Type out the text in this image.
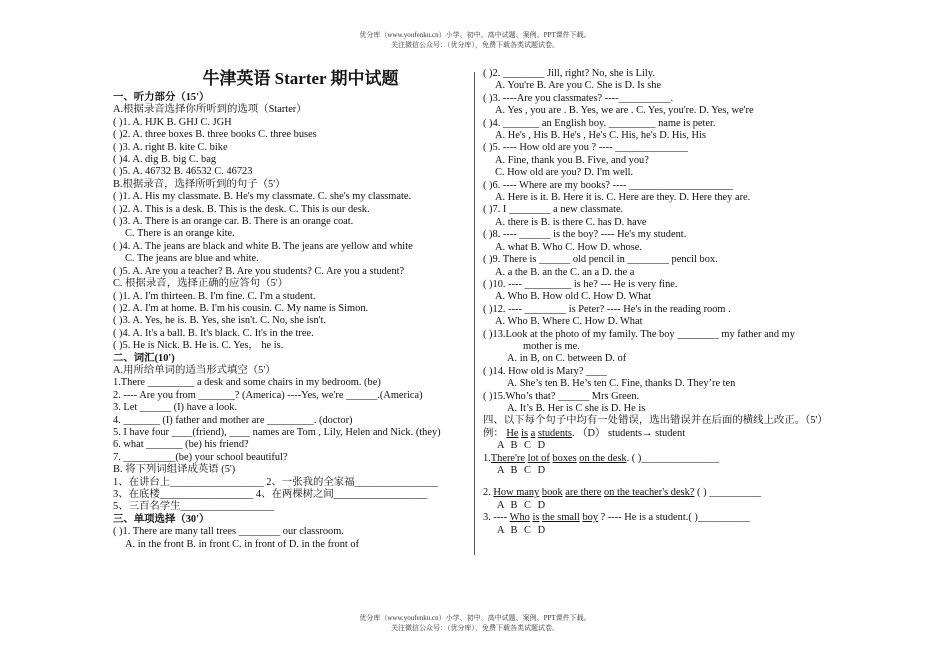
优分库（www.youfenku.cn）小学、初中、高中试题、案例、PPT课件下载。
关注微信公众号：（优分库），免费下载各类试题试卷。
牛津英语 Starter 期中试题
一、听力部分（15'）
A.根据录音选择你所听到的选项（Starter）
( )1. A. HJK B. GHJ C. JGH
( )2. A. three boxes B. three books C. three buses
( )3. A. right B. kite C. bike
( )4. A. dig B. big C. bag
( )5. A. 46732 B. 46532 C. 46723
B.根据录音，选择所听到的句子（5'）
( )1. A. His my classmate. B. He's my classmate. C. she's my classmate.
( )2. A. This is a desk. B. This is the desk. C. This is our desk.
( )3. A. There is an orange car. B. There is an orange coat.
C. There is an orange kite.
( )4. A. The jeans are black and white B. The jeans are yellow and white
C. The jeans are blue and white.
( )5. A. Are you a teacher? B. Are you students? C. Are you a student?
C. 根据录音，选择正确的应答句（5'）
( )1. A. I'm thirteen. B. I'm fine. C. I'm a student.
( )2. A. I'm at home. B. I'm his cousin. C. My name is Simon.
( )3. A. Yes, he is. B. Yes, she isn't. C. No, she isn't.
( )4. A. It's a ball. B. It's black. C. It's in the tree.
( )5. He is Nick. B. He is. C. Yes， he is.
二、词汇(10')
A.用所给单词的适当形式填空（5'）
1.There _________ a desk and some chairs in my bedroom. (be)
2. ---- Are you from _______? (America) ----Yes, we're ______.(America)
3. Let ______ (I) have a look.
4. _______ (I) father and mother are _________. (doctor)
5. I have four ____(friend), ____ names are Tom , Lily, Helen and Nick. (they)
6. what _______ (be) his friend?
7. __________(be) your school beautiful?
B. 将下列词组译成英语 (5')
1、在讲台上__________________ 2、一张我的全家福________________
3、在底楼__________________ 4、在两棵树之间__________________
5、三百名学生__________________
三、单项选择（30'）
( )1. There are many tall trees ________ our classroom.
A. in the front B. in front C. in front of D. in the front of
( )2. ________ Jill, right? No, she is Lily.
A. You're B. Are you C. She is D. Is she
( )3. ----Are you classmates? ----__________.
A. Yes , you are . B. Yes, we are . C. Yes, you're. D. Yes, we're
( )4. _______ an English boy. _________ name is peter.
A. He's , His B. He's , He's C. His, he's D. His, His
( )5. ---- How old are you ? ---- ______________
A. Fine, thank you B. Five, and you?
C. How old are you? D. I'm well.
( )6. ---- Where are my books? ---- ____________________
A. Here is it. B. Here it is. C. Here are they. D. Here they are.
( )7. I ________ a new classmate.
A. there is B. is there C. has D. have
( )8. ---- ______ is the boy? ---- He's my student.
A. what B. Who C. How D. whose.
( )9. There is ______ old pencil in ________ pencil box.
A. a the B. an the C. an a D. the a
( )10. ---- _________ is he? --- He is very fine.
A. Who B. How old C. How D. What
( )12. ---- ________ is Peter? ---- He's in the reading room .
A. Who B. Where C. How D. What
( )13.Look at the photo of my family. The boy ________ my father and my
mother is me.
A. in B, on C. between D. of
( )14. How old is Mary? ____
A. She’s ten B. He’s ten C. Fine, thanks D. They’re ten
( )15.Who’s that? ______ Mrs Green.
A. It’s B. Her is C she is D. He is
四、以下每个句子中均有一处错误，选出错误并在后面的横线上改正。（5'）
例： He is a students. （D） students→ student
A B C D
1.There're lot of boxes on the desk. ( )_______________
A B C D
2. How many book are there on the teacher's desk? ( ) __________
A B C D
3. ---- Who is the small boy ? ---- He is a student.( )__________
A B C D
优分库（www.youfenku.cn）小学、初中、高中试题、案例、PPT课件下载。
关注微信公众号：（优分库），免费下载各类试题试卷。
